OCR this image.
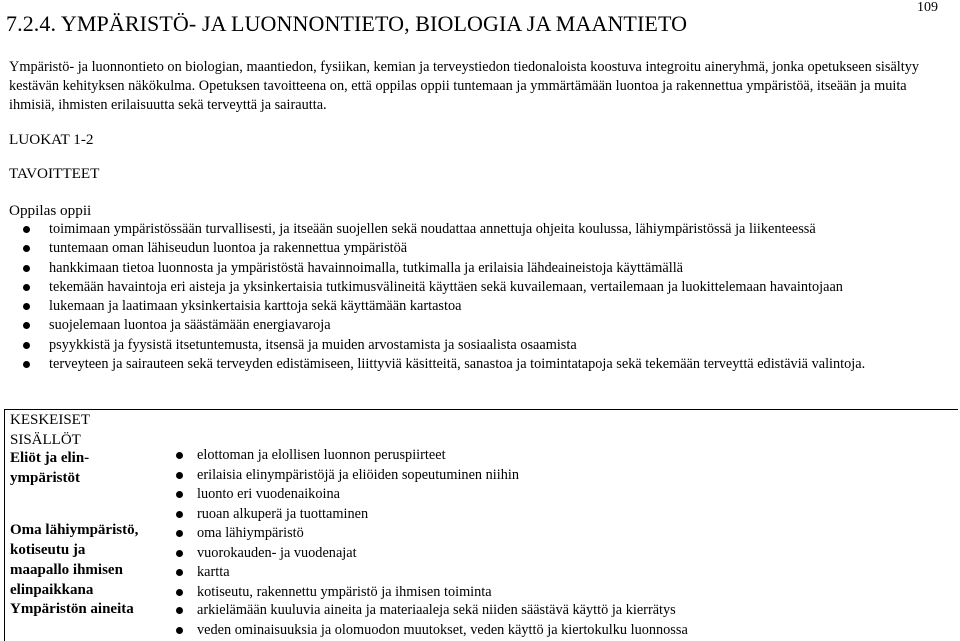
109
7.2.4. YMPÄRISTÖ- JA LUONNONTIETO, BIOLOGIA JA MAANTIETO
Ympäristö- ja luonnontieto on biologian, maantiedon, fysiikan, kemian ja terveystiedon tiedonaloista koostuva integroitu aineryhmä, jonka opetukseen sisältyy kestävän kehityksen näkökulma. Opetuksen tavoitteena on, että oppilas oppii tuntemaan ja ymmärtämään luontoa ja rakennettua ympäristöä, itseään ja muita ihmisiä, ihmisten erilaisuutta sekä terveyttä ja sairautta.
LUOKAT 1-2
TAVOITTEET
Oppilas oppii
toimimaan ympäristössään turvallisesti, ja itseään suojellen sekä noudattaa annettuja ohjeita koulussa, lähiympäristössä ja liikenteessä
tuntemaan oman lähiseudun luontoa ja rakennettua ympäristöä
hankkimaan tietoa luonnosta ja ympäristöstä havainnoimalla, tutkimalla ja erilaisia lähdeaineistoja käyttämällä
tekemään havaintoja eri aisteja ja yksinkertaisia tutkimusvälineitä käyttäen sekä kuvailemaan, vertailemaan ja luokittelemaan havaintojaan
lukemaan ja laatimaan yksinkertaisia karttoja sekä käyttämään kartastoa
suojelemaan luontoa ja säästämään energiavaroja
psyykkistä ja fyysistä itsetuntemusta, itsensä ja muiden arvostamista ja sosiaalista osaamista
terveyteen ja sairauteen sekä terveyden edistämiseen, liittyviä käsitteitä, sanastoa ja toimintatapoja sekä tekemään terveyttä edistäviä valintoja.
KESKEISET
SISÄLLÖT
Eliöt ja elin-
ympäristöt
elottoman ja elollisen luonnon peruspiirteet
erilaisia elinympäristöjä ja eliöiden sopeutuminen niihin
luonto eri vuodenaikoina
ruoan alkuperä ja tuottaminen
Oma lähiympäristö,
kotiseutu ja
maapallo ihmisen
elinpaikkana
oma lähiympäristö
vuorokauden- ja vuodenajat
kartta
kotiseutu, rakennettu ympäristö ja ihmisen toiminta
Ympäristön aineita	arkielämään kuuluvia aineita ja materiaaleja sekä niiden säästävä käyttö ja kierrätys
veden ominaisuuksia ja olomuodon muutokset, veden käyttö ja kiertokulku luonnossa
